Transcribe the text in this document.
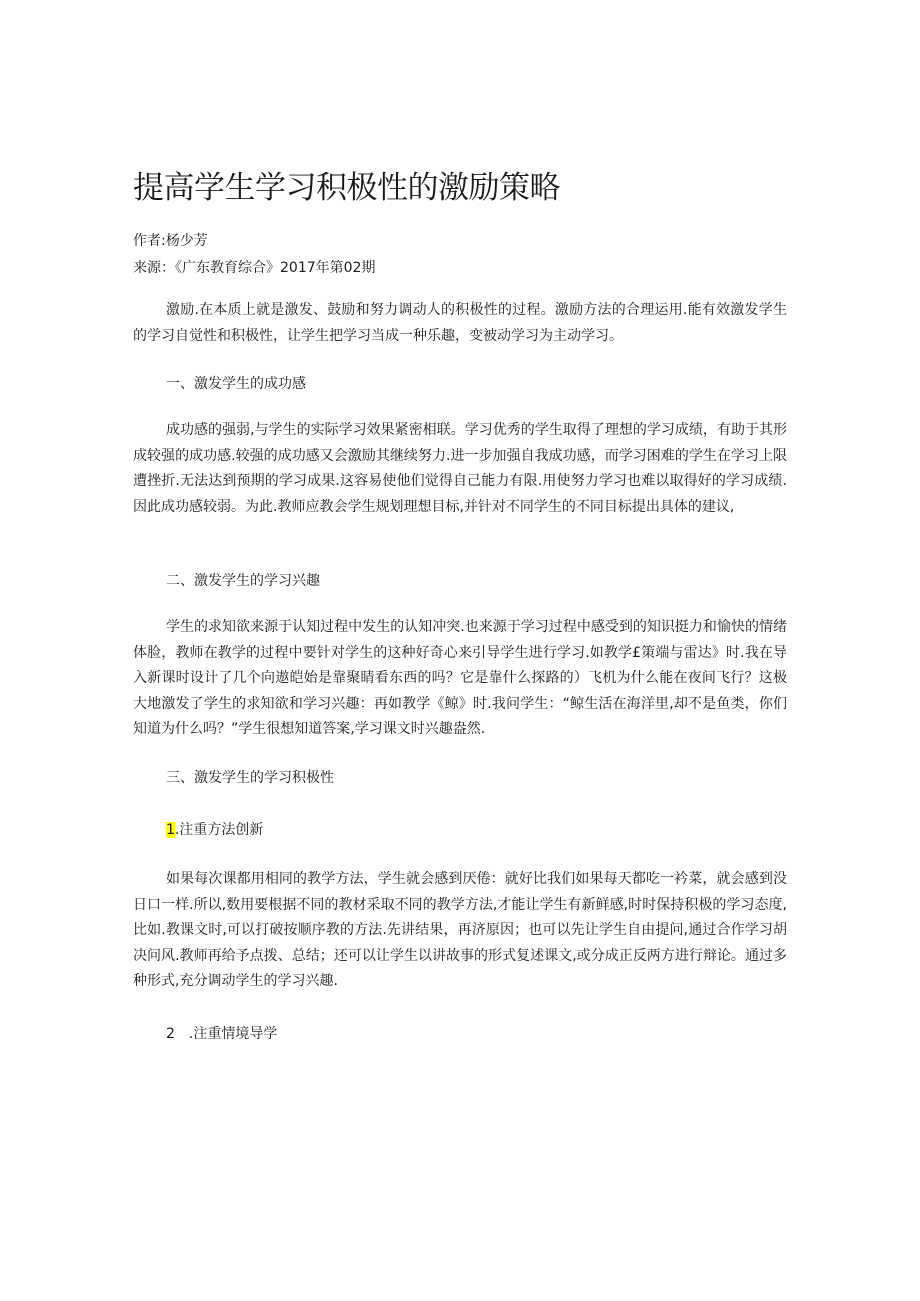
提高学生学习积极性的激励策略
作者:杨少芳
来源：《广东教育综合》2017年第02期

激励.在本质上就是激发、鼓励和努力调动人的积极性的过程。激励方法的合理运用.能有效激发学生的学习自觉性和积极性，让学生把学习当成一种乐趣，变被动学习为主动学习。

一、激发学生的成功感

成功感的强弱,与学生的实际学习效果紧密相联。学习优秀的学生取得了理想的学习成绩，有助于其形成较强的成功感.较强的成功感又会激励其继续努力.进一步加强自我成功感，而学习困难的学生在学习上限遭挫折.无法达到预期的学习成果.这容易使他们觉得自己能力有限.用使努力学习也难以取得好的学习成绩.因此成功感较弱。为此.教师应教会学生规划理想目标,并针对不同学生的不同目标提出具体的建议,

二、激发学生的学习兴趣

学生的求知欲来源于认知过程中发生的认知冲突.也来源于学习过程中感受到的知识挺力和愉快的情绪体脸，教师在教学的过程中要针对学生的这种好奇心来引导学生进行学习.如教学£策端与雷达》时.我在导入新课时设计了几个向遨皑始是靠聚睛看东西的吗？它是靠什么探路的）飞机为什么能在夜间飞行？这极大地激发了学生的求知欲和学习兴趣：再如教学《鲸》时.我问学生：“鲸生活在海洋里,却不是鱼类，你们知道为什么吗？”学生很想知道答案,学习课文时兴趣盎然.

三、激发学生的学习积极性

1.注重方法创新

如果每次课都用相同的教学方法，学生就会感到厌倦：就好比我们如果每天都吃一衿菜，就会感到没日口一样.所以,数用要根据不同的教材采取不同的教学方法,才能让学生有新鲜感,时时保持积极的学习态度,比如.教课文时,可以打破按顺序教的方法.先讲结果，再济原因；也可以先让学生自由提问,通过合作学习胡决问风.教师再给予点拨、总结；还可以让学生以讲故事的形式复述课文,或分成正反两方进行辩论。通过多种形式,充分调动学生的学习兴趣.

2　.注重情境导学
